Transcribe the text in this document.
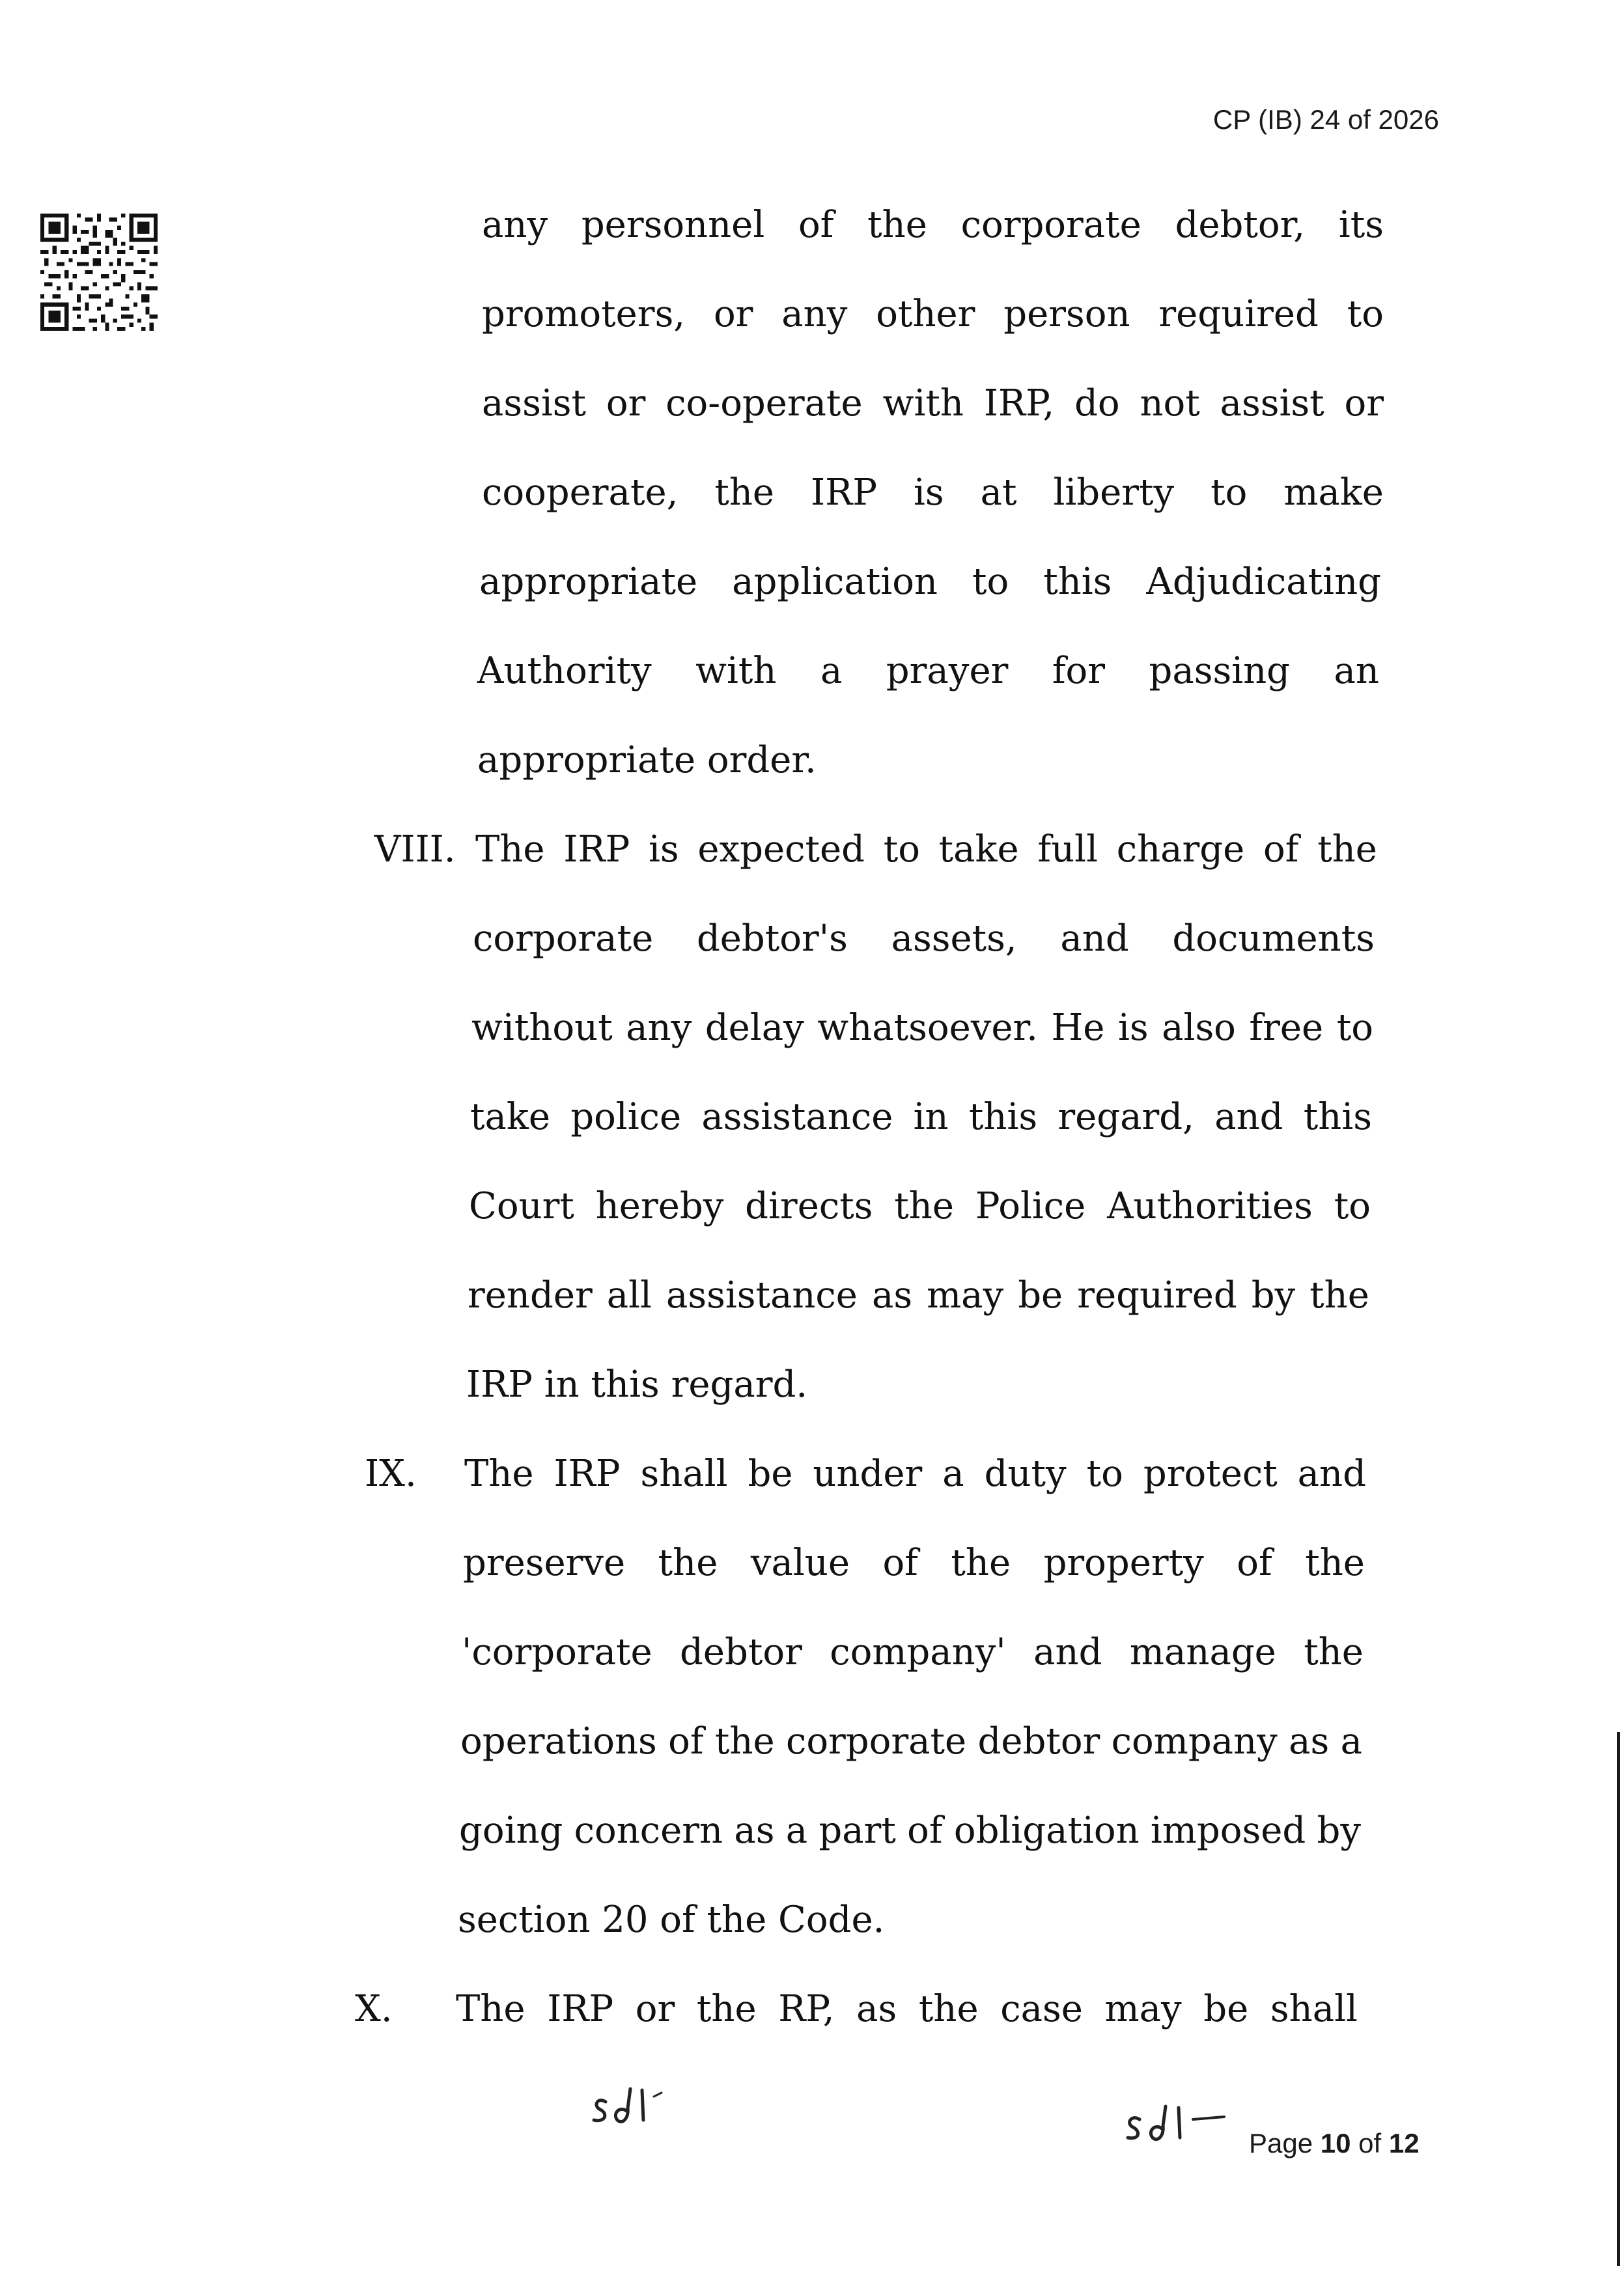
CP (IB) 24 of 2026
any personnel of the corporate debtor, its
promoters, or any other person required to
assist or co-operate with IRP, do not assist or
cooperate, the IRP is at liberty to make
appropriate application to this Adjudicating
Authority with a prayer for passing an
appropriate order.
VIII. The IRP is expected to take full charge of the
corporate debtor's assets, and documents
without any delay whatsoever. He is also free to
take police assistance in this regard, and this
Court hereby directs the Police Authorities to
render all assistance as may be required by the
IRP in this regard.
IX. The IRP shall be under a duty to protect and
preserve the value of the property of the
'corporate debtor company' and manage the
operations of the corporate debtor company as a
going concern as a part of obligation imposed by
section 20 of the Code.
X. The IRP or the RP, as the case may be shall
Page 10 of 12
